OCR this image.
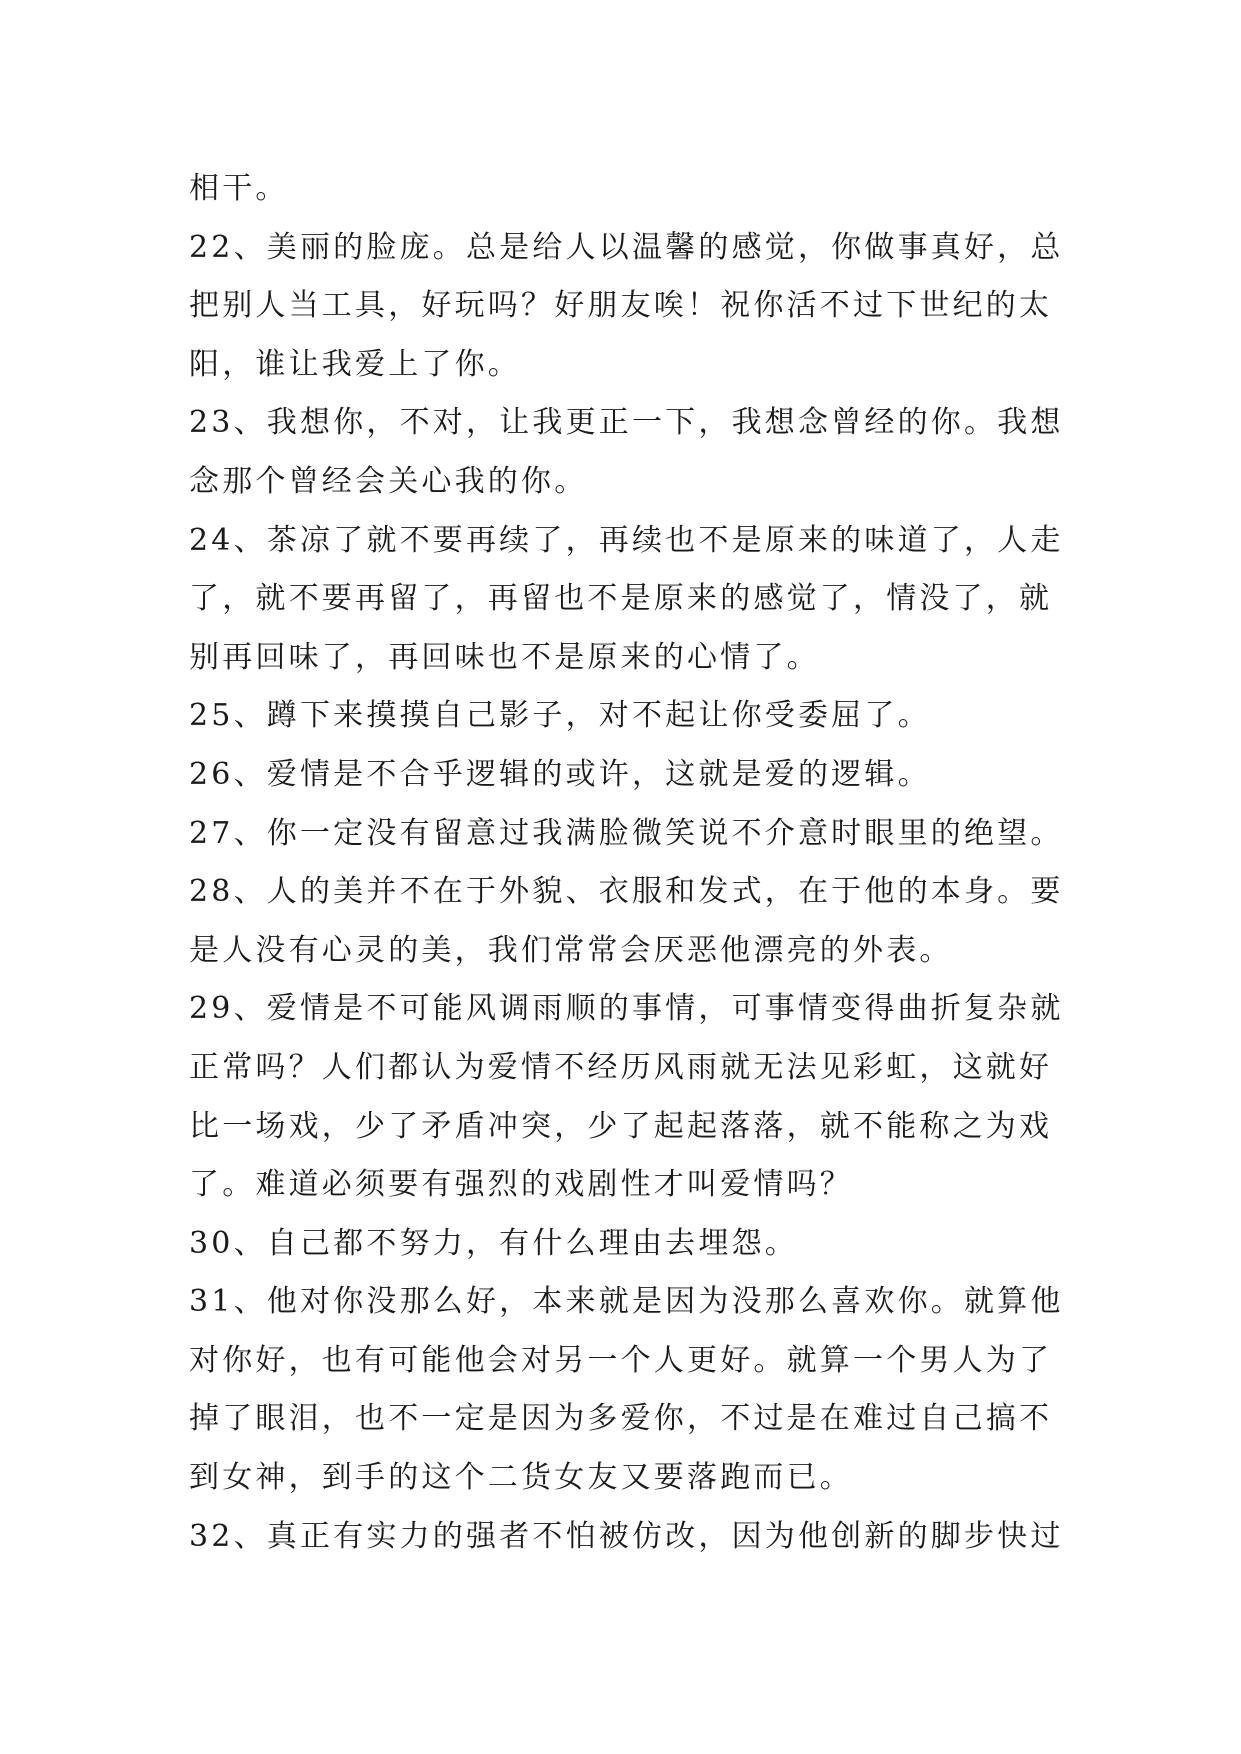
相干。
22、美丽的脸庞。总是给人以温馨的感觉，你做事真好，总
把别人当工具，好玩吗？好朋友唉！祝你活不过下世纪的太
阳，谁让我爱上了你。
23、我想你，不对，让我更正一下，我想念曾经的你。我想
念那个曾经会关心我的你。
24、茶凉了就不要再续了，再续也不是原来的味道了，人走
了，就不要再留了，再留也不是原来的感觉了，情没了，就
别再回味了，再回味也不是原来的心情了。
25、蹲下来摸摸自己影子，对不起让你受委屈了。
26、爱情是不合乎逻辑的或许，这就是爱的逻辑。
27、你一定没有留意过我满脸微笑说不介意时眼里的绝望。
28、人的美并不在于外貌、衣服和发式，在于他的本身。要
是人没有心灵的美，我们常常会厌恶他漂亮的外表。
29、爱情是不可能风调雨顺的事情，可事情变得曲折复杂就
正常吗？人们都认为爱情不经历风雨就无法见彩虹，这就好
比一场戏，少了矛盾冲突，少了起起落落，就不能称之为戏
了。难道必须要有强烈的戏剧性才叫爱情吗？
30、自己都不努力，有什么理由去埋怨。
31、他对你没那么好，本来就是因为没那么喜欢你。就算他
对你好，也有可能他会对另一个人更好。就算一个男人为了
掉了眼泪，也不一定是因为多爱你，不过是在难过自己搞不
到女神，到手的这个二货女友又要落跑而已。
32、真正有实力的强者不怕被仿改，因为他创新的脚步快过
